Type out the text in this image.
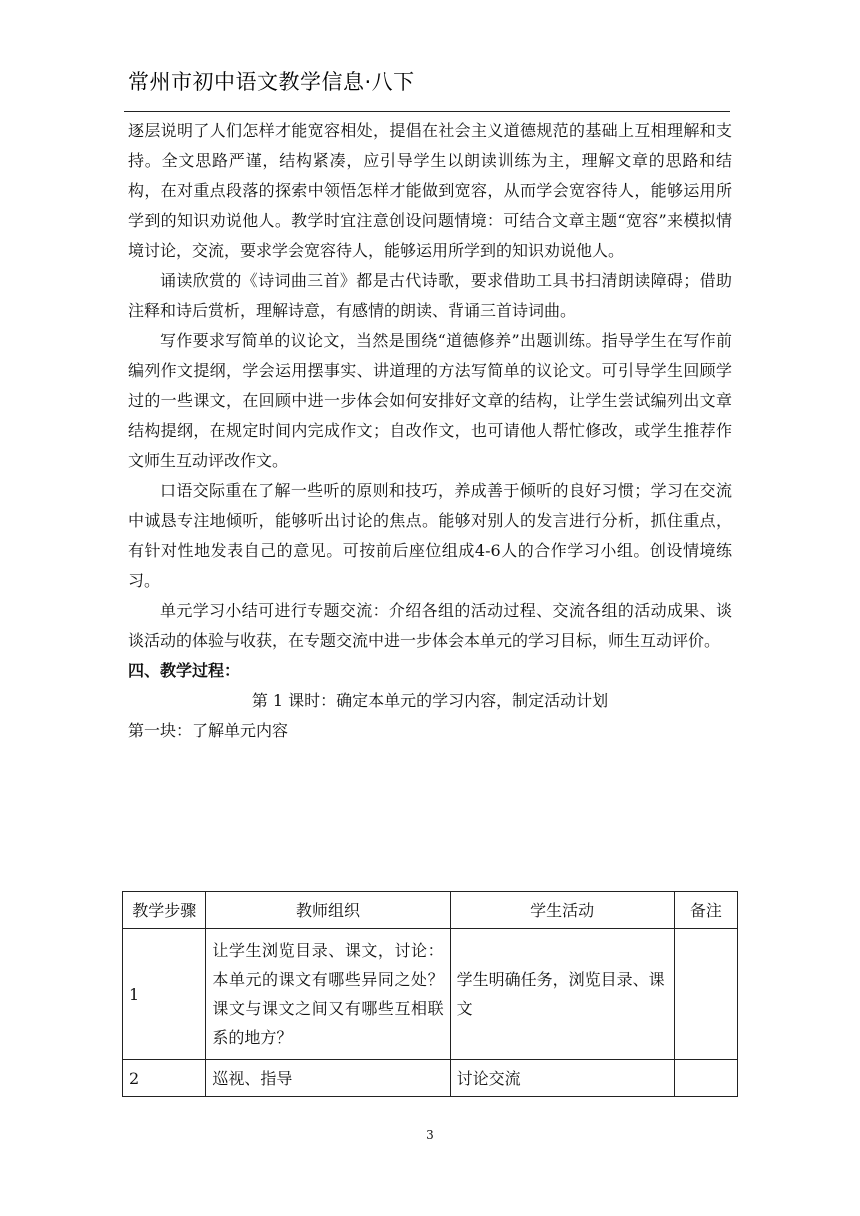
常州市初中语文教学信息·八下

逐层说明了人们怎样才能宽容相处，提倡在社会主义道德规范的基础上互相理解和支持。全文思路严谨，结构紧凑，应引导学生以朗读训练为主，理解文章的思路和结构，在对重点段落的探索中领悟怎样才能做到宽容，从而学会宽容待人，能够运用所学到的知识劝说他人。教学时宜注意创设问题情境：可结合文章主题“宽容”来模拟情境讨论，交流，要求学会宽容待人，能够运用所学到的知识劝说他人。

诵读欣赏的《诗词曲三首》都是古代诗歌，要求借助工具书扫清朗读障碍；借助注释和诗后赏析，理解诗意，有感情的朗读、背诵三首诗词曲。

写作要求写简单的议论文，当然是围绕“道德修养”出题训练。指导学生在写作前编列作文提纲，学会运用摆事实、讲道理的方法写简单的议论文。可引导学生回顾学过的一些课文，在回顾中进一步体会如何安排好文章的结构，让学生尝试编列出文章结构提纲，在规定时间内完成作文；自改作文，也可请他人帮忙修改，或学生推荐作文师生互动评改作文。

口语交际重在了解一些听的原则和技巧，养成善于倾听的良好习惯；学习在交流中诚恳专注地倾听，能够听出讨论的焦点。能够对别人的发言进行分析，抓住重点，有针对性地发表自己的意见。可按前后座位组成4-6人的合作学习小组。创设情境练习。

单元学习小结可进行专题交流：介绍各组的活动过程、交流各组的活动成果、谈谈活动的体验与收获，在专题交流中进一步体会本单元的学习目标，师生互动评价。

四、教学过程：

第 1 课时：确定本单元的学习内容，制定活动计划

第一块：了解单元内容

教学步骤	教师组织	学生活动	备注
1	让学生浏览目录、课文，讨论：本单元的课文有哪些异同之处？课文与课文之间又有哪些互相联系的地方？	学生明确任务，浏览目录、课文	
2	巡视、指导	讨论交流	
3
